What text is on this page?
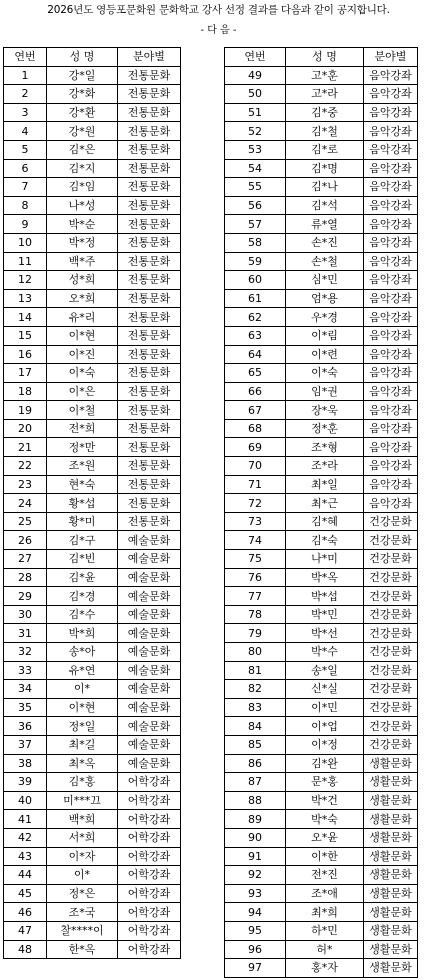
2026년도 영등포문화원 문화학교 강사 선정 결과를 다음과 같이 공지합니다.
- 다 음 -
연번	성 명	분야별
1	강*일	전통문화
2	강*화	전통문화
3	강*환	전통문화
4	강*원	전통문화
5	김*은	전통문화
6	김*지	전통문화
7	김*임	전통문화
8	나*성	전통문화
9	박*순	전통문화
10	박*정	전통문화
11	백*주	전통문화
12	성*희	전통문화
13	오*희	전통문화
14	유*리	전통문화
15	이*현	전통문화
16	이*진	전통문화
17	이*숙	전통문화
18	이*은	전통문화
19	이*철	전통문화
20	전*희	전통문화
21	정*만	전통문화
22	조*원	전통문화
23	현*숙	전통문화
24	황*섭	전통문화
25	황*미	전통문화
26	김*구	예술문화
27	김*빈	예술문화
28	김*윤	예술문화
29	김*경	예술문화
30	김*수	예술문화
31	박*희	예술문화
32	송*아	예술문화
33	유*연	예술문화
34	이*	예술문화
35	이*현	예술문화
36	정*일	예술문화
37	최*길	예술문화
38	최*옥	예술문화
39	김*홍	어학강좌
40	미***끄	어학강좌
41	백*희	어학강좌
42	서*희	어학강좌
43	이*자	어학강좌
44	이*	어학강좌
45	정*은	어학강좌
46	조*국	어학강좌
47	찰****이	어학강좌
48	한*옥	어학강좌
연번	성 명	분야별
49	고*훈	음악강좌
50	고*라	음악강좌
51	김*중	음악강좌
52	김*철	음악강좌
53	김*로	음악강좌
54	김*명	음악강좌
55	김*나	음악강좌
56	김*석	음악강좌
57	류*열	음악강좌
58	손*진	음악강좌
59	손*철	음악강좌
60	심*민	음악강좌
61	엄*용	음악강좌
62	우*경	음악강좌
63	이*림	음악강좌
64	이*련	음악강좌
65	이*숙	음악강좌
66	임*권	음악강좌
67	장*욱	음악강좌
68	정*훈	음악강좌
69	조*형	음악강좌
70	조*라	음악강좌
71	최*일	음악강좌
72	최*근	음악강좌
73	김*혜	건강문화
74	김*숙	건강문화
75	나*미	건강문화
76	박*옥	건강문화
77	박*섭	건강문화
78	박*민	건강문화
79	박*선	건강문화
80	박*수	건강문화
81	송*일	건강문화
82	신*실	건강문화
83	이*민	건강문화
84	이*업	건강문화
85	이*정	건강문화
86	김*완	생활문화
87	문*홍	생활문화
88	박*건	생활문화
89	박*숙	생활문화
90	오*윤	생활문화
91	이*한	생활문화
92	전*진	생활문화
93	조*애	생활문화
94	최*희	생활문화
95	하*민	생활문화
96	허*	생활문화
97	홍*자	생활문화
